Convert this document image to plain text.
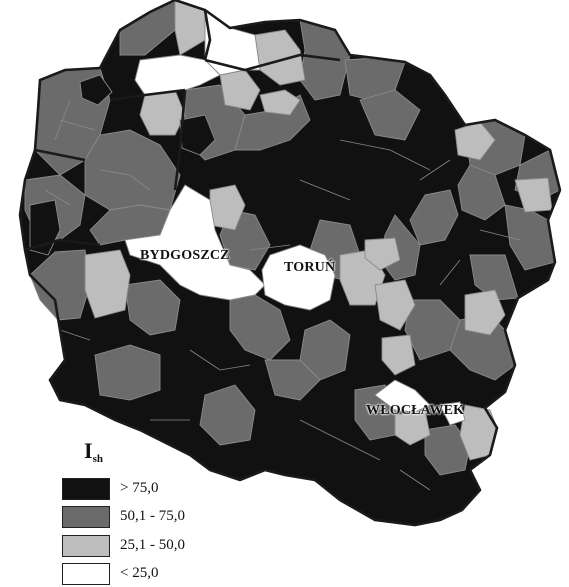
BYDGOSZCZ
TORUŃ
WŁOCŁAWEK
$I_{sh}$
> 75,0
50,1 - 75,0
25,1 - 50,0
< 25,0
